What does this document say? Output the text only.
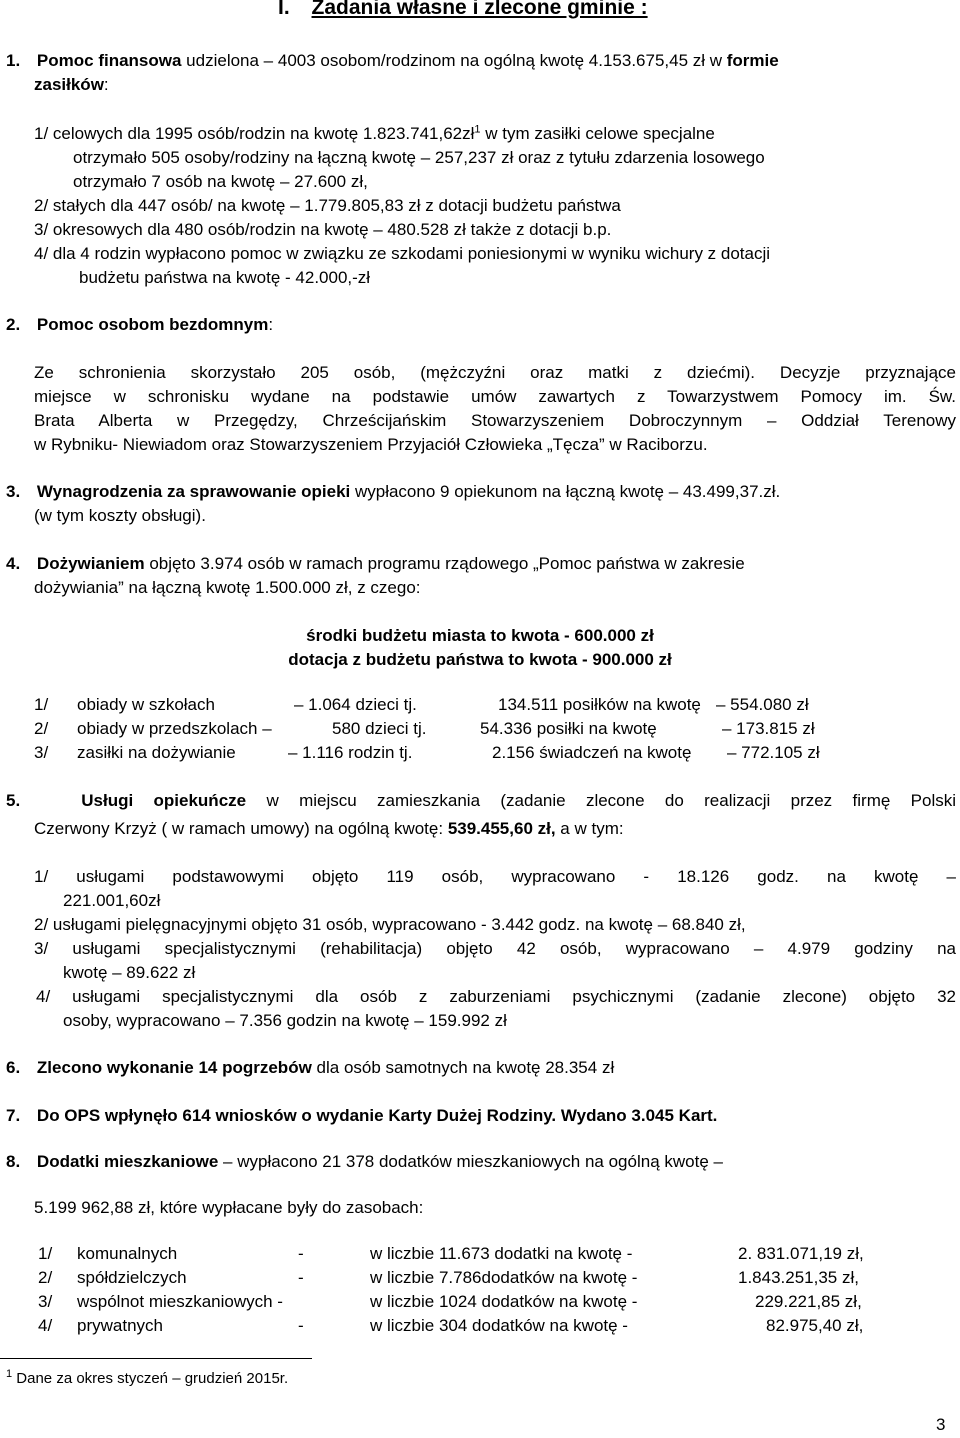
I. Zadania własne i zlecone gminie :
1. Pomoc finansowa udzielona – 4003 osobom/rodzinom na ogólną kwotę 4.153.675,45 zł w formie
zasiłków:
1/ celowych dla 1995 osób/rodzin na kwotę $1.823.741,62zł^1$ w tym zasiłki celowe specjalne
otrzymało 505 osoby/rodziny na łączną kwotę – 257,237 zł oraz z tytułu zdarzenia losowego
otrzymało 7 osób na kwotę – 27.600 zł,
2/ stałych dla 447 osób/ na kwotę – 1.779.805,83 zł z dotacji budżetu państwa
3/ okresowych dla 480 osób/rodzin na kwotę – 480.528 zł także z dotacji b.p.
4/ dla 4 rodzin wypłacono pomoc w związku ze szkodami poniesionymi w wyniku wichury z dotacji
budżetu państwa na kwotę - 42.000,-zł
2. Pomoc osobom bezdomnym:
Ze schronienia skorzystało 205 osób, (mężczyźni oraz matki z dziećmi). Decyzje przyznające
miejsce w schronisku wydane na podstawie umów zawartych z Towarzystwem Pomocy im. Św.
Brata Alberta w Przegędzy, Chrześcijańskim Stowarzyszeniem Dobroczynnym – Oddział Terenowy
w Rybniku- Niewiadom oraz Stowarzyszeniem Przyjaciół Człowieka „Tęcza” w Raciborzu.
3. Wynagrodzenia za sprawowanie opieki wypłacono 9 opiekunom na łączną kwotę – 43.499,37.zł.
(w tym koszty obsługi).
4. Dożywianiem objęto 3.974 osób w ramach programu rządowego „Pomoc państwa w zakresie
dożywiania” na łączną kwotę 1.500.000 zł, z czego:
środki budżetu miasta to kwota - 600.000 zł
dotacja z budżetu państwa to kwota - 900.000 zł
1/ obiady w szkołach	– 1.064 dzieci tj.	134.511 posiłków na kwotę – 554.080 zł
2/ obiady w przedszkolach –	580 dzieci tj.	54.336 posiłki na kwotę	– 173.815 zł
3/ zasiłki na dożywianie	– 1.116 rodzin tj.	2.156 świadczeń na kwotę – 772.105 zł
5.	Usługi opiekuńcze w miejscu zamieszkania (zadanie zlecone do realizacji przez firmę Polski
Czerwony Krzyż ( w ramach umowy) na ogólną kwotę: 539.455,60 zł, a w tym:
1/ usługami podstawowymi objęto 119 osób, wypracowano - 18.126 godz. na kwotę –
221.001,60zł
2/ usługami pielęgnacyjnymi objęto 31 osób, wypracowano - 3.442 godz. na kwotę – 68.840 zł,
3/ usługami specjalistycznymi (rehabilitacja) objęto 42 osób, wypracowano – 4.979 godziny na
kwotę – 89.622 zł
4/ usługami specjalistycznymi dla osób z zaburzeniami psychicznymi (zadanie zlecone) objęto 32
osoby, wypracowano – 7.356 godzin na kwotę – 159.992 zł
6. Zlecono wykonanie 14 pogrzebów dla osób samotnych na kwotę 28.354 zł
7. Do OPS wpłynęło 614 wniosków o wydanie Karty Dużej Rodziny. Wydano 3.045 Kart.
8. Dodatki mieszkaniowe – wypłacono 21 378 dodatków mieszkaniowych na ogólną kwotę –
5.199 962,88 zł, które wypłacane były do zasobach:
1/ komunalnych	-	w liczbie 11.673 dodatki na kwotę -	2. 831.071,19 zł,
2/ spółdzielczych	-	w liczbie 7.786dodatków na kwotę -	1.843.251,35 zł,
3/ wspólnot mieszkaniowych -	w liczbie 1024 dodatków na kwotę -	229.221,85 zł,
4/ prywatnych	-	w liczbie 304 dodatków na kwotę -	82.975,40 zł,
$^1$ Dane za okres styczeń – grudzień 2015r.
3
